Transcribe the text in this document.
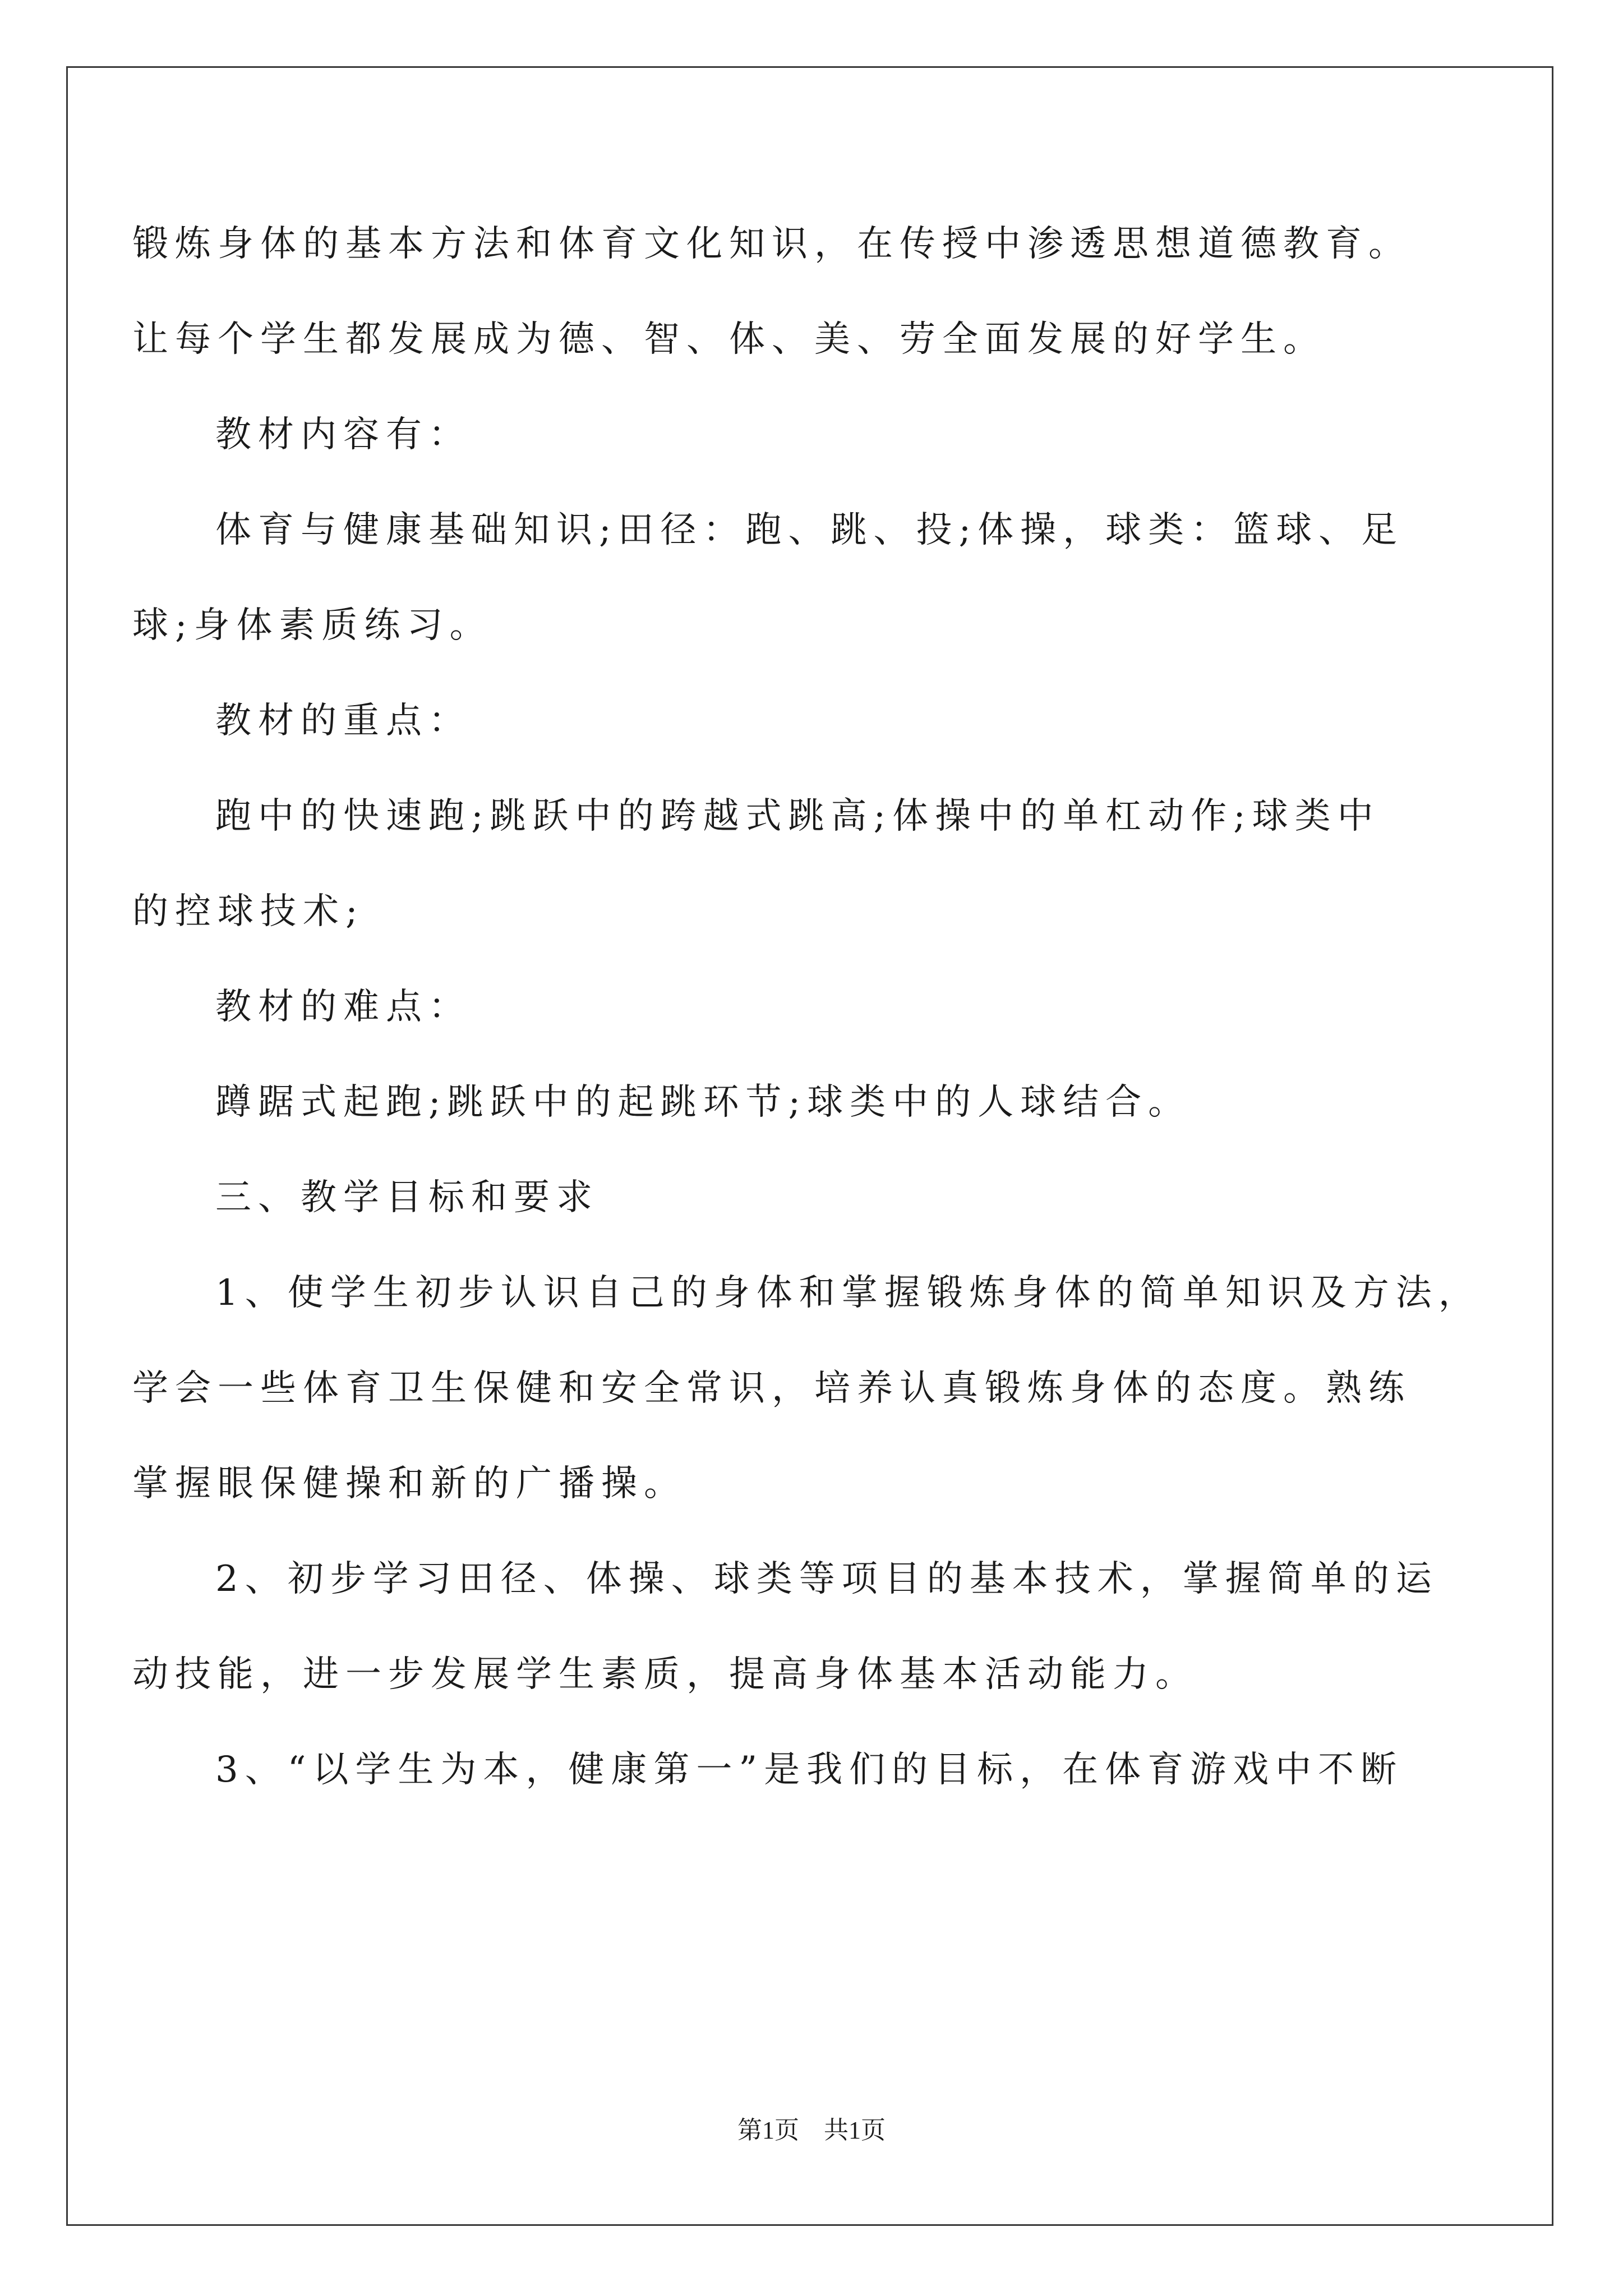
锻炼身体的基本方法和体育文化知识，在传授中渗透思想道德教育。
让每个学生都发展成为德、智、体、美、劳全面发展的好学生。
教材内容有：
体育与健康基础知识;田径：跑、跳、投;体操，球类：篮球、足
球;身体素质练习。
教材的重点：
跑中的快速跑;跳跃中的跨越式跳高;体操中的单杠动作;球类中
的控球技术;
教材的难点：
蹲踞式起跑;跳跃中的起跳环节;球类中的人球结合。
三、教学目标和要求
1、使学生初步认识自己的身体和掌握锻炼身体的简单知识及方法，
学会一些体育卫生保健和安全常识，培养认真锻炼身体的态度。熟练
掌握眼保健操和新的广播操。
2、初步学习田径、体操、球类等项目的基本技术，掌握简单的运
动技能，进一步发展学生素质，提高身体基本活动能力。
3、“以学生为本，健康第一”是我们的目标，在体育游戏中不断
第1页　共1页
